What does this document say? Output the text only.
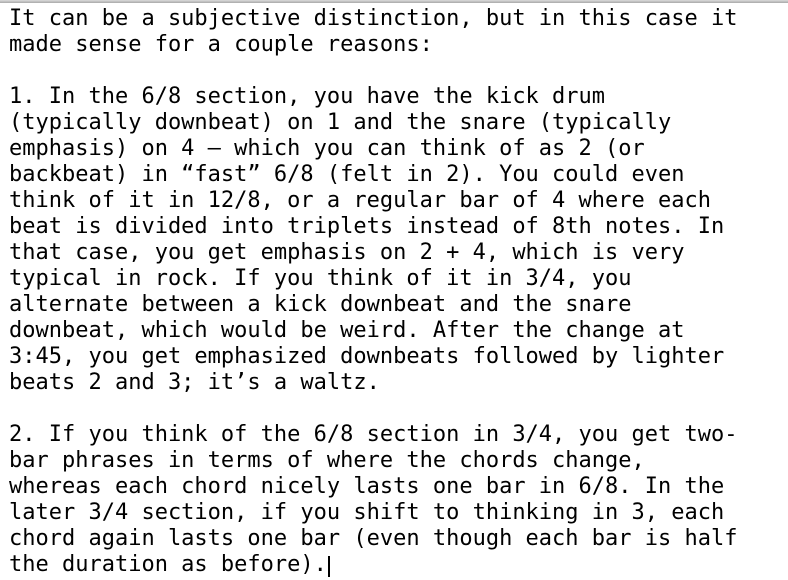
It can be a subjective distinction, but in this case it
made sense for a couple reasons:
1. In the 6/8 section, you have the kick drum
(typically downbeat) on 1 and the snare (typically
emphasis) on 4 — which you can think of as 2 (or
backbeat) in “fast” 6/8 (felt in 2). You could even
think of it in 12/8, or a regular bar of 4 where each
beat is divided into triplets instead of 8th notes. In
that case, you get emphasis on 2 + 4, which is very
typical in rock. If you think of it in 3/4, you
alternate between a kick downbeat and the snare
downbeat, which would be weird. After the change at
3:45, you get emphasized downbeats followed by lighter
beats 2 and 3; it’s a waltz.
2. If you think of the 6/8 section in 3/4, you get two-
bar phrases in terms of where the chords change,
whereas each chord nicely lasts one bar in 6/8. In the
later 3/4 section, if you shift to thinking in 3, each
chord again lasts one bar (even though each bar is half
the duration as before).
